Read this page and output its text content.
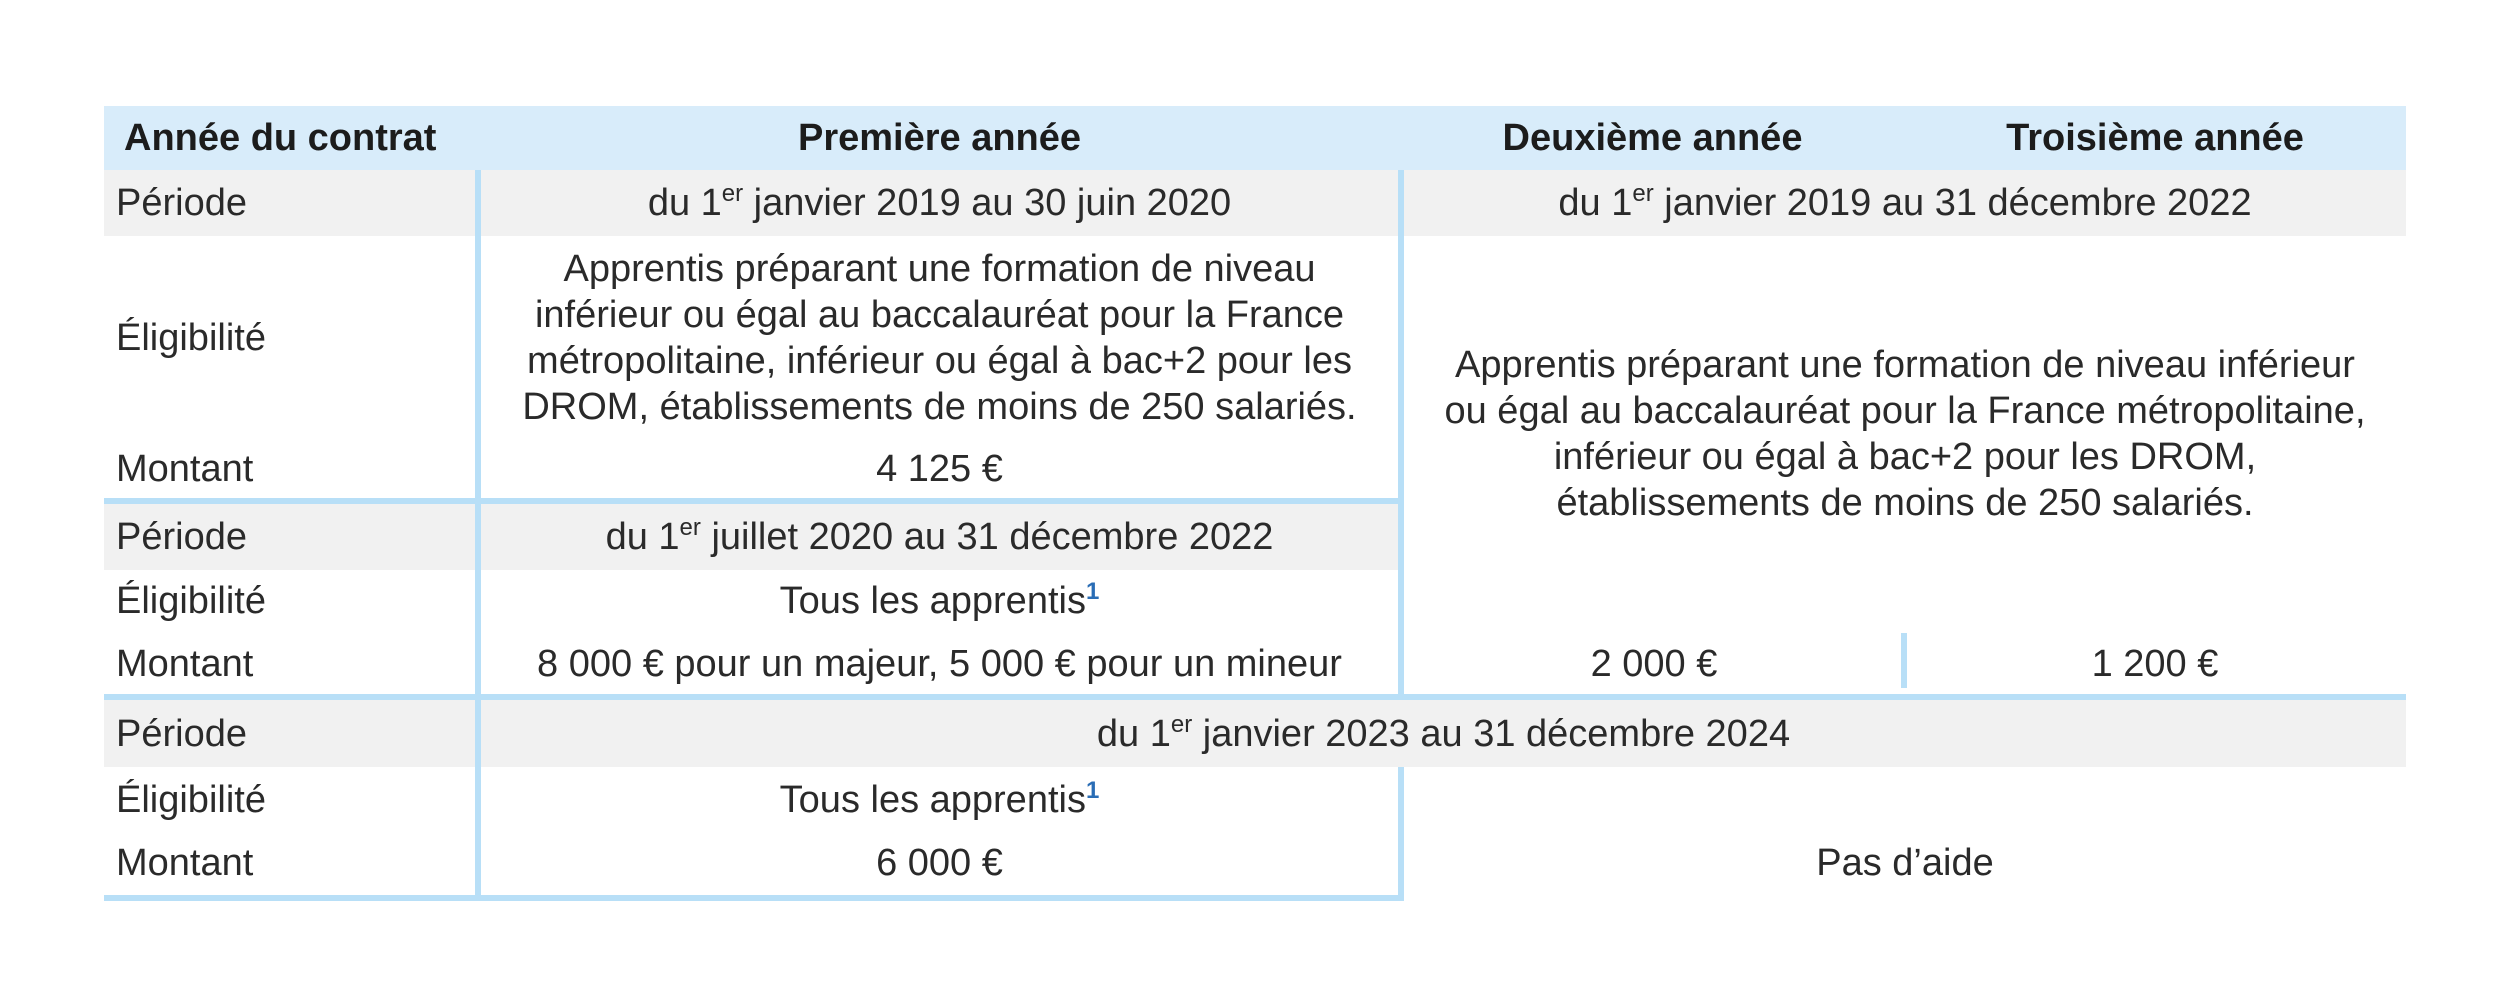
Année du contrat	Première année	Deuxième année	Troisième année
Période	du 1er janvier 2019 au 30 juin 2020	du 1er janvier 2019 au 31 décembre 2022	
Éligibilité	Apprentis préparant une formation de niveau inférieur ou égal au baccalauréat pour la France métropolitaine, inférieur ou égal à bac+2 pour les DROM, établissements de moins de 250 salariés.	Apprentis préparant une formation de niveau inférieur ou égal au baccalauréat pour la France métropolitaine, inférieur ou égal à bac+2 pour les DROM, établissements de moins de 250 salariés.	

Montant	4 125 €		
Période	du 1er juillet 2020 au 31 décembre 2022		
Éligibilité	Tous les apprentis$^1$
Montant	8 000 € pour un majeur, 5 000 € pour un mineur	2 000 €	1 200 €
Période	du 1er janvier 2023 au 31 décembre 2024		
Éligibilité	Tous les apprentis$^1$	Pas d’aide	
Montant	6 000 €		
